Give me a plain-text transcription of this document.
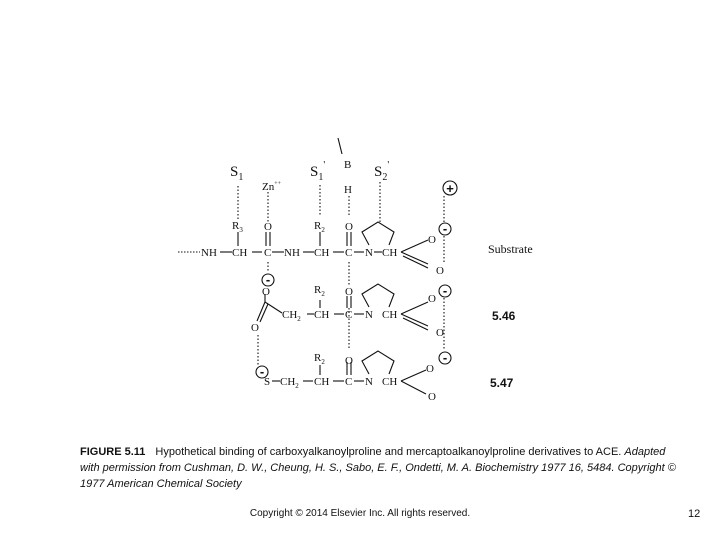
$S_1$	$S_1'$	$S_2'$
B
H
Zn++
$R_3$ O	$R_2$ O
NH CH C NH CH C N CH
O
O
O	$R_2$ O
O
$CH_2$ CH C N CH
O	O
$R_2$ O
S $CH_2$ CH C N CH
O
O
+
-
-
-
-
-
Substrate
5.46
5.47
FIGURE 5.11 Hypothetical binding of carboxyalkanoylproline and mercaptoalkanoylproline derivatives to ACE. Adapted with permission from Cushman, D. W., Cheung, H. S., Sabo, E. F., Ondetti, M. A. Biochemistry 1977 16, 5484. Copyright © 1977 American Chemical Society
Copyright © 2014 Elsevier Inc. All rights reserved.	12
